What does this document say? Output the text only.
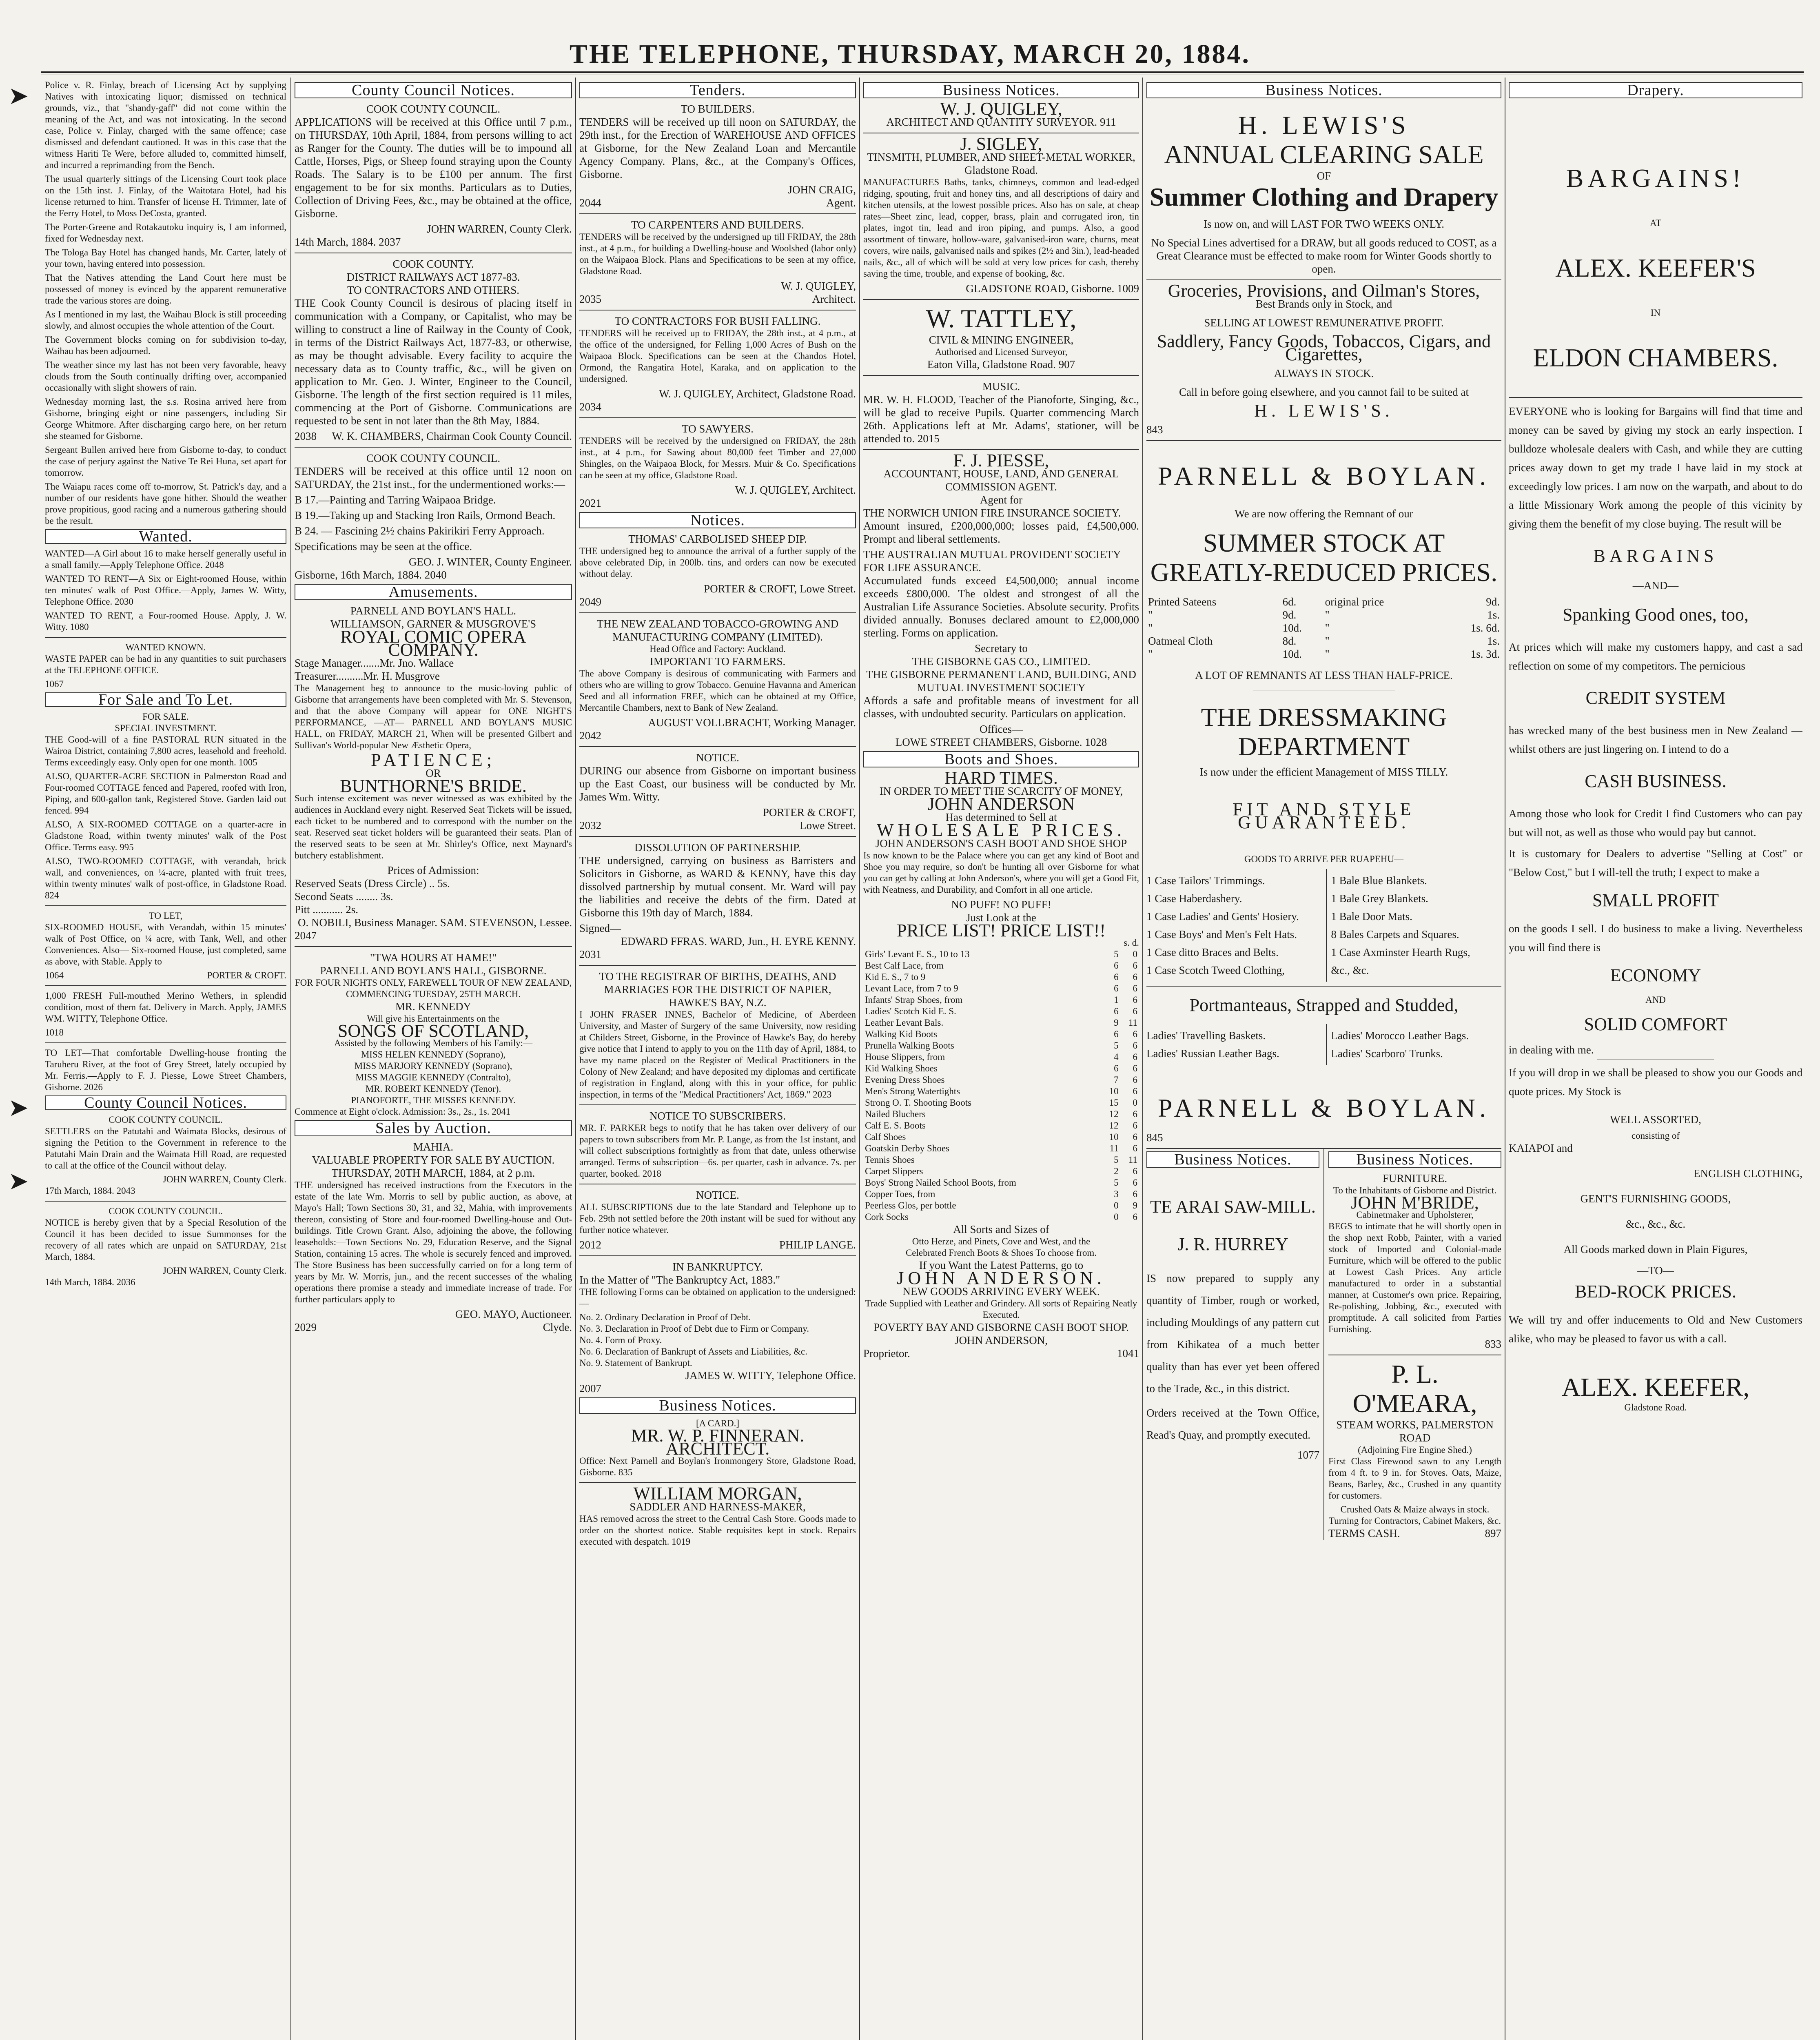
THE TELEPHONE, THURSDAY, MARCH 20, 1884.
➤
➤
➤

Police v. R. Finlay, breach of Licensing Act by supplying Natives with intoxicating liquor; dismissed on technical grounds, viz., that "shandy-gaff" did not come within the meaning of the Act, and was not intoxicating. In the second case, Police v. Finlay, charged with the same offence; case dismissed and defendant cautioned. It was in this case that the witness Hariti Te Were, before alluded to, committed himself, and incurred a reprimanding from the Bench.

The usual quarterly sittings of the Licensing Court took place on the 15th inst. J. Finlay, of the Waitotara Hotel, had his license returned to him. Transfer of license H. Trimmer, late of the Ferry Hotel, to Moss DeCosta, granted.

The Porter-Greene and Rotakautoku inquiry is, I am informed, fixed for Wednesday next.

The Tologa Bay Hotel has changed hands, Mr. Carter, lately of your town, having entered into possession.

That the Natives attending the Land Court here must be possessed of money is evinced by the apparent remunerative trade the various stores are doing.

As I mentioned in my last, the Waihau Block is still proceeding slowly, and almost occupies the whole attention of the Court.

The Government blocks coming on for subdivision to-day, Waihau has been adjourned.

The weather since my last has not been very favorable, heavy clouds from the South continually drifting over, accompanied occasionally with slight showers of rain.

Wednesday morning last, the s.s. Rosina arrived here from Gisborne, bringing eight or nine passengers, including Sir George Whitmore. After discharging cargo here, on her return she steamed for Gisborne.

Sergeant Bullen arrived here from Gisborne to-day, to conduct the case of perjury against the Native Te Rei Huna, set apart for tomorrow.

The Waiapu races come off to-morrow, St. Patrick's day, and a number of our residents have gone hither. Should the weather prove propitious, good racing and a numerous gathering should be the result.

Wanted.

WANTED—A Girl about 16 to make herself generally useful in a small family.—Apply Telephone Office. 2048

WANTED TO RENT—A Six or Eight-roomed House, within ten minutes' walk of Post Office.—Apply, James W. Witty, Telephone Office. 2030

WANTED TO RENT, a Four-roomed House. Apply, J. W. Witty. 1080

WANTED KNOWN.

WASTE PAPER can be had in any quantities to suit purchasers at the TELEPHONE OFFICE.

1067
For Sale and To Let.
FOR SALE.
SPECIAL INVESTMENT.

THE Good-will of a fine PASTORAL RUN situated in the Wairoa District, containing 7,800 acres, leasehold and freehold. Terms exceedingly easy. Only open for one month. 1005

ALSO, QUARTER-ACRE SECTION in Palmerston Road and Four-roomed COTTAGE fenced and Papered, roofed with Iron, Piping, and 600-gallon tank, Registered Stove. Garden laid out fenced. 994

ALSO, A SIX-ROOMED COTTAGE on a quarter-acre in Gladstone Road, within twenty minutes' walk of the Post Office. Terms easy. 995

ALSO, TWO-ROOMED COTTAGE, with verandah, brick wall, and conveniences, on ¼-acre, planted with fruit trees, within twenty minutes' walk of post-office, in Gladstone Road. 824

TO LET,

SIX-ROOMED HOUSE, with Verandah, within 15 minutes' walk of Post Office, on ¼ acre, with Tank, Well, and other Conveniences. Also— Six-roomed House, just completed, same as above, with Stable. Apply to

1064	PORTER & CROFT.

1,000 FRESH Full-mouthed Merino Wethers, in splendid condition, most of them fat. Delivery in March. Apply, JAMES WM. WITTY, Telephone Office.

1018

TO LET—That comfortable Dwelling-house fronting the Taruheru River, at the foot of Grey Street, lately occupied by Mr. Ferris.—Apply to F. J. Piesse, Lowe Street Chambers, Gisborne. 2026

County Council Notices.
COOK COUNTY COUNCIL.

SETTLERS on the Patutahi and Waimata Blocks, desirous of signing the Petition to the Government in reference to the Patutahi Main Drain and the Waimata Hill Road, are requested to call at the office of the Council without delay.

JOHN WARREN, County Clerk.
17th March, 1884. 2043
COOK COUNTY COUNCIL.

NOTICE is hereby given that by a Special Resolution of the Council it has been decided to issue Summonses for the recovery of all rates which are unpaid on SATURDAY, 21st March, 1884.

JOHN WARREN, County Clerk.
14th March, 1884. 2036
County Council Notices.
COOK COUNTY COUNCIL.

APPLICATIONS will be received at this Office until 7 p.m., on THURSDAY, 10th April, 1884, from persons willing to act as Ranger for the County. The duties will be to impound all Cattle, Horses, Pigs, or Sheep found straying upon the County Roads. The Salary is to be £100 per annum. The first engagement to be for six months. Particulars as to Duties, Collection of Driving Fees, &c., may be obtained at the office, Gisborne.

JOHN WARREN, County Clerk.
14th March, 1884. 2037
COOK COUNTY.
DISTRICT RAILWAYS ACT 1877-83.
TO CONTRACTORS AND OTHERS.

THE Cook County Council is desirous of placing itself in communication with a Company, or Capitalist, who may be willing to construct a line of Railway in the County of Cook, in terms of the District Railways Act, 1877-83, or otherwise, as may be thought advisable. Every facility to acquire the necessary data as to County traffic, &c., will be given on application to Mr. Geo. J. Winter, Engineer to the Council, Gisborne. The length of the first section required is 11 miles, commencing at the Port of Gisborne. Communications are requested to be sent in not later than the 8th May, 1884.

2038 W. K. CHAMBERS, Chairman Cook County Council.
COOK COUNTY COUNCIL.

TENDERS will be received at this office until 12 noon on SATURDAY, the 21st inst., for the undermentioned works:—

B 17.—Painting and Tarring Waipaoa Bridge.

B 19.—Taking up and Stacking Iron Rails, Ormond Beach.

B 24. — Fascining 2½ chains Pakirikiri Ferry Approach.

Specifications may be seen at the office.

GEO. J. WINTER, County Engineer.
Gisborne, 16th March, 1884. 2040
Amusements.
PARNELL AND BOYLAN'S HALL.
WILLIAMSON, GARNER & MUSGROVE'S
ROYAL COMIC OPERA COMPANY.
Stage Manager.......Mr. Jno. Wallace
Treasurer..........Mr. H. Musgrove

The Management beg to announce to the music-loving public of Gisborne that arrangements have been completed with Mr. S. Stevenson, and that the above Company will appear for ONE NIGHT'S PERFORMANCE, —AT— PARNELL AND BOYLAN'S MUSIC HALL, on FRIDAY, MARCH 21, When will be presented Gilbert and Sullivan's World-popular New Æsthetic Opera,

PATIENCE;
OR
BUNTHORNE'S BRIDE.

Such intense excitement was never witnessed as was exhibited by the audiences in Auckland every night. Reserved Seat Tickets will be issued, each ticket to be numbered and to correspond with the number on the seat. Reserved seat ticket holders will be guaranteed their seats. Plan of the reserved seats to be seen at Mr. Shirley's Office, next Maynard's butchery establishment.

Prices of Admission:
Reserved Seats (Dress Circle) .. 5s.
Second Seats ........ 3s.
Pitt ........... 2s.
O. NOBILI, Business Manager. SAM. STEVENSON, Lessee.
2047
"TWA HOURS AT HAME!"
PARNELL AND BOYLAN'S HALL, GISBORNE.
FOR FOUR NIGHTS ONLY, FAREWELL TOUR OF NEW ZEALAND, COMMENCING TUESDAY, 25TH MARCH.
MR. KENNEDY
Will give his Entertainments on the
SONGS OF SCOTLAND,
Assisted by the following Members of his Family:—
MISS HELEN KENNEDY (Soprano),
MISS MARJORY KENNEDY (Soprano),
MISS MAGGIE KENNEDY (Contralto),
MR. ROBERT KENNEDY (Tenor).
PIANOFORTE, THE MISSES KENNEDY.
Commence at Eight o'clock. Admission: 3s., 2s., 1s. 2041
Sales by Auction.
MAHIA.
VALUABLE PROPERTY FOR SALE BY AUCTION.
THURSDAY, 20TH MARCH, 1884, at 2 p.m.

THE undersigned has received instructions from the Executors in the estate of the late Wm. Morris to sell by public auction, as above, at Mayo's Hall; Town Sections 30, 31, and 32, Mahia, with improvements thereon, consisting of Store and four-roomed Dwelling-house and Out-buildings. Title Crown Grant. Also, adjoining the above, the following leaseholds:—Town Sections No. 29, Education Reserve, and the Signal Station, containing 15 acres. The whole is securely fenced and improved. The Store Business has been successfully carried on for a long term of years by Mr. W. Morris, jun., and the recent successes of the whaling operations there promise a steady and immediate increase of trade. For further particulars apply to

GEO. MAYO, Auctioneer.
2029	Clyde.
Tenders.
TO BUILDERS.

TENDERS will be received up till noon on SATURDAY, the 29th inst., for the Erection of WAREHOUSE AND OFFICES at Gisborne, for the New Zealand Loan and Mercantile Agency Company. Plans, &c., at the Company's Offices, Gisborne.

JOHN CRAIG,
2044	Agent.
TO CARPENTERS AND BUILDERS.

TENDERS will be received by the undersigned up till FRIDAY, the 28th inst., at 4 p.m., for building a Dwelling-house and Woolshed (labor only) on the Waipaoa Block. Plans and Specifications to be seen at my office, Gladstone Road.

W. J. QUIGLEY,
2035	Architect.
TO CONTRACTORS FOR BUSH FALLING.

TENDERS will be received up to FRIDAY, the 28th inst., at 4 p.m., at the office of the undersigned, for Felling 1,000 Acres of Bush on the Waipaoa Block. Specifications can be seen at the Chandos Hotel, Ormond, the Rangatira Hotel, Karaka, and on application to the undersigned.

W. J. QUIGLEY, Architect, Gladstone Road.
2034
TO SAWYERS.

TENDERS will be received by the undersigned on FRIDAY, the 28th inst., at 4 p.m., for Sawing about 80,000 feet Timber and 27,000 Shingles, on the Waipaoa Block, for Messrs. Muir & Co. Specifications can be seen at my office, Gladstone Road.

W. J. QUIGLEY, Architect.
2021
Notices.
THOMAS' CARBOLISED SHEEP DIP.

THE undersigned beg to announce the arrival of a further supply of the above celebrated Dip, in 200lb. tins, and orders can now be executed without delay.

PORTER & CROFT, Lowe Street.
2049
THE NEW ZEALAND TOBACCO-GROWING AND MANUFACTURING COMPANY (LIMITED).
Head Office and Factory: Auckland.
IMPORTANT TO FARMERS.

The above Company is desirous of communicating with Farmers and others who are willing to grow Tobacco. Genuine Havanna and American Seed and all information FREE, which can be obtained at my Office, Mercantile Chambers, next to Bank of New Zealand.

AUGUST VOLLBRACHT, Working Manager.
2042
NOTICE.

DURING our absence from Gisborne on important business up the East Coast, our business will be conducted by Mr. James Wm. Witty.

PORTER & CROFT,
2032	Lowe Street.
DISSOLUTION OF PARTNERSHIP.

THE undersigned, carrying on business as Barristers and Solicitors in Gisborne, as WARD & KENNY, have this day dissolved partnership by mutual consent. Mr. Ward will pay the liabilities and receive the debts of the firm. Dated at Gisborne this 19th day of March, 1884.

Signed—
EDWARD FFRAS. WARD, Jun., H. EYRE KENNY.
2031
TO THE REGISTRAR OF BIRTHS, DEATHS, AND MARRIAGES FOR THE DISTRICT OF NAPIER, HAWKE'S BAY, N.Z.

I JOHN FRASER INNES, Bachelor of Medicine, of Aberdeen University, and Master of Surgery of the same University, now residing at Childers Street, Gisborne, in the Province of Hawke's Bay, do hereby give notice that I intend to apply to you on the 11th day of April, 1884, to have my name placed on the Register of Medical Practitioners in the Colony of New Zealand; and have deposited my diplomas and certificate of registration in England, along with this in your office, for public inspection, in terms of the "Medical Practitioners' Act, 1869." 2023

NOTICE TO SUBSCRIBERS.

MR. F. PARKER begs to notify that he has taken over delivery of our papers to town subscribers from Mr. P. Lange, as from the 1st instant, and will collect subscriptions fortnightly as from that date, unless otherwise arranged. Terms of subscription—6s. per quarter, cash in advance. 7s. per quarter, booked. 2018

NOTICE.

ALL SUBSCRIPTIONS due to the late Standard and Telephone up to Feb. 29th not settled before the 20th instant will be sued for without any further notice whatever.

2012	PHILIP LANGE.
IN BANKRUPTCY.
In the Matter of "The Bankruptcy Act, 1883."

THE following Forms can be obtained on application to the undersigned:—

No. 2. Ordinary Declaration in Proof of Debt.
No. 3. Declaration in Proof of Debt due to Firm or Company.
No. 4. Form of Proxy.
No. 6. Declaration of Bankrupt of Assets and Liabilities, &c.
No. 9. Statement of Bankrupt.
JAMES W. WITTY, Telephone Office.
2007
Business Notices.
[A CARD.]
MR. W. P. FINNERAN. ARCHITECT.

Office: Next Parnell and Boylan's Ironmongery Store, Gladstone Road, Gisborne. 835

WILLIAM MORGAN,
SADDLER AND HARNESS-MAKER,

HAS removed across the street to the Central Cash Store. Goods made to order on the shortest notice. Stable requisites kept in stock. Repairs executed with despatch. 1019

Business Notices.
W. J. QUIGLEY,
ARCHITECT AND QUANTITY SURVEYOR. 911
J. SIGLEY,
TINSMITH, PLUMBER, AND SHEET-METAL WORKER,
Gladstone Road.

MANUFACTURES Baths, tanks, chimneys, common and lead-edged ridging, spouting, fruit and honey tins, and all descriptions of dairy and kitchen utensils, at the lowest possible prices. Also has on sale, at cheap rates—Sheet zinc, lead, copper, brass, plain and corrugated iron, tin plates, ingot tin, lead and iron piping, and pumps. Also, a good assortment of tinware, hollow-ware, galvanised-iron ware, churns, meat covers, wire nails, galvanised nails and spikes (2½ and 3in.), lead-headed nails, &c., all of which will be sold at very low prices for cash, thereby saving the time, trouble, and expense of booking, &c.

GLADSTONE ROAD, Gisborne. 1009
W. TATTLEY,
CIVIL & MINING ENGINEER,
Authorised and Licensed Surveyor,
Eaton Villa, Gladstone Road. 907
MUSIC.

MR. W. H. FLOOD, Teacher of the Pianoforte, Singing, &c., will be glad to receive Pupils. Quarter commencing March 26th. Applications left at Mr. Adams', stationer, will be attended to. 2015

F. J. PIESSE,
ACCOUNTANT, HOUSE, LAND, AND GENERAL COMMISSION AGENT.
Agent for
THE NORWICH UNION FIRE INSURANCE SOCIETY.

Amount insured, £200,000,000; losses paid, £4,500,000. Prompt and liberal settlements.

THE AUSTRALIAN MUTUAL PROVIDENT SOCIETY FOR LIFE ASSURANCE.

Accumulated funds exceed £4,500,000; annual income exceeds £800,000. The oldest and strongest of all the Australian Life Assurance Societies. Absolute security. Profits divided annually. Bonuses declared amount to £2,000,000 sterling. Forms on application.

Secretary to
THE GISBORNE GAS CO., LIMITED.
THE GISBORNE PERMANENT LAND, BUILDING, AND MUTUAL INVESTMENT SOCIETY

Affords a safe and profitable means of investment for all classes, with undoubted security. Particulars on application.

Offices—
LOWE STREET CHAMBERS, Gisborne. 1028
Boots and Shoes.
HARD TIMES.
IN ORDER TO MEET THE SCARCITY OF MONEY,
JOHN ANDERSON
Has determined to Sell at
WHOLESALE PRICES.
JOHN ANDERSON'S CASH BOOT AND SHOE SHOP

Is now known to be the Palace where you can get any kind of Boot and Shoe you may require, so don't be hunting all over Gisborne for what you can get by calling at John Anderson's, where you will get a Good Fit, with Neatness, and Durability, and Comfort in all one article.

NO PUFF! NO PUFF!
Just Look at the
PRICE LIST! PRICE LIST!!
s. d.
Girls' Levant E. S., 10 to 13	5	0
Best Calf Lace, from	6	6
Kid E. S., 7 to 9	6	6
Levant Lace, from 7 to 9	6	6
Infants' Strap Shoes, from	1	6
Ladies' Scotch Kid E. S.	6	6
Leather Levant Bals.	9	11
Walking Kid Boots	6	6
Prunella Walking Boots	5	6
House Slippers, from	4	6
Kid Walking Shoes	6	6
Evening Dress Shoes	7	6
Men's Strong Watertights	10	6
Strong O. T. Shooting Boots	15	0
Nailed Bluchers	12	6
Calf E. S. Boots	12	6
Calf Shoes	10	6
Goatskin Derby Shoes	11	6
Tennis Shoes	5	11
Carpet Slippers	2	6
Boys' Strong Nailed School Boots, from	5	6
Copper Toes, from	3	6
Peerless Glos, per bottle	0	9
Cork Socks	0	6
All Sorts and Sizes of
Otto Herze, and Pinets, Cove and West, and the
Celebrated French Boots & Shoes To choose from.
If you Want the Latest Patterns, go to
JOHN ANDERSON.
NEW GOODS ARRIVING EVERY WEEK.
Trade Supplied with Leather and Grindery. All sorts of Repairing Neatly Executed.
POVERTY BAY AND GISBORNE CASH BOOT SHOP.
JOHN ANDERSON,
Proprietor.	1041
Business Notices.
H. LEWIS'S
ANNUAL CLEARING SALE
OF
Summer Clothing and Drapery
Is now on, and will LAST FOR TWO WEEKS ONLY.

No Special Lines advertised for a DRAW, but all goods reduced to COST, as a Great Clearance must be effected to make room for Winter Goods shortly to open.

Groceries, Provisions, and Oilman's Stores,
Best Brands only in Stock, and
SELLING AT LOWEST REMUNERATIVE PROFIT.
Saddlery, Fancy Goods, Tobaccos, Cigars, and Cigarettes,
ALWAYS IN STOCK.
Call in before going elsewhere, and you cannot fail to be suited at
H. LEWIS'S.
843
PARNELL & BOYLAN.
We are now offering the Remnant of our
SUMMER STOCK AT GREATLY-REDUCED PRICES.
Printed Sateens	6d.	original price	9d.
"	9d.	"	1s.
"	10d.	"	1s. 6d.
Oatmeal Cloth	8d.	"	1s.
"	10d.	"	1s. 3d.
A LOT OF REMNANTS AT LESS THAN HALF-PRICE.
THE DRESSMAKING DEPARTMENT
Is now under the efficient Management of MISS TILLY.
FIT AND STYLE GUARANTEED.
GOODS TO ARRIVE PER RUAPEHU—
1 Case Tailors' Trimmings.
1 Case Haberdashery.
1 Case Ladies' and Gents' Hosiery.
1 Case Boys' and Men's Felt Hats.
1 Case ditto Braces and Belts.
1 Case Scotch Tweed Clothing,
1 Bale Blue Blankets.
1 Bale Grey Blankets.
1 Bale Door Mats.
8 Bales Carpets and Squares.
1 Case Axminster Hearth Rugs,
&c., &c.
Portmanteaus, Strapped and Studded,
Ladies' Travelling Baskets.
Ladies' Russian Leather Bags.
Ladies' Morocco Leather Bags.
Ladies' Scarboro' Trunks.
PARNELL & BOYLAN.
845
Business Notices.
TE ARAI SAW-MILL.
J. R. HURREY

IS now prepared to supply any quantity of Timber, rough or worked, including Mouldings of any pattern cut from Kihikatea of a much better quality than has ever yet been offered to the Trade, &c., in this district.

Orders received at the Town Office, Read's Quay, and promptly executed.

1077
Business Notices.
FURNITURE.
To the Inhabitants of Gisborne and District.
JOHN M'BRIDE,
Cabinetmaker and Upholsterer,

BEGS to intimate that he will shortly open in the shop next Robb, Painter, with a varied stock of Imported and Colonial-made Furniture, which will be offered to the public at Lowest Cash Prices. Any article manufactured to order in a substantial manner, at Customer's own price. Repairing, Re-polishing, Jobbing, &c., executed with promptitude. A call solicited from Parties Furnishing.

833
P. L. O'MEARA,
STEAM WORKS, PALMERSTON ROAD
(Adjoining Fire Engine Shed.)

First Class Firewood sawn to any Length from 4 ft. to 9 in. for Stoves. Oats, Maize, Beans, Barley, &c., Crushed in any quantity for customers.

Crushed Oats & Maize always in stock.
Turning for Contractors, Cabinet Makers, &c.
TERMS CASH.	897
Drapery.
BARGAINS!
AT
ALEX. KEEFER'S
IN
ELDON CHAMBERS.

EVERYONE who is looking for Bargains will find that time and money can be saved by giving my stock an early inspection. I bulldoze wholesale dealers with Cash, and while they are cutting prices away down to get my trade I have laid in my stock at exceedingly low prices. I am now on the warpath, and about to do a little Missionary Work among the people of this vicinity by giving them the benefit of my close buying. The result will be

BARGAINS
—AND—
Spanking Good ones, too,

At prices which will make my customers happy, and cast a sad reflection on some of my competitors. The pernicious

CREDIT SYSTEM

has wrecked many of the best business men in New Zealand — whilst others are just lingering on. I intend to do a

CASH BUSINESS.

Among those who look for Credit I find Customers who can pay but will not, as well as those who would pay but cannot.

It is customary for Dealers to advertise "Selling at Cost" or "Below Cost," but I will-tell the truth; I expect to make a

SMALL PROFIT

on the goods I sell. I do business to make a living. Nevertheless you will find there is

ECONOMY
AND
SOLID COMFORT
in dealing with me.

If you will drop in we shall be pleased to show you our Goods and quote prices. My Stock is

WELL ASSORTED,
consisting of
KAIAPOI and
ENGLISH CLOTHING,
GENT'S FURNISHING GOODS,
&c., &c., &c.
All Goods marked down in Plain Figures,
—TO—
BED-ROCK PRICES.

We will try and offer inducements to Old and New Customers alike, who may be pleased to favor us with a call.

ALEX. KEEFER,
Gladstone Road.
